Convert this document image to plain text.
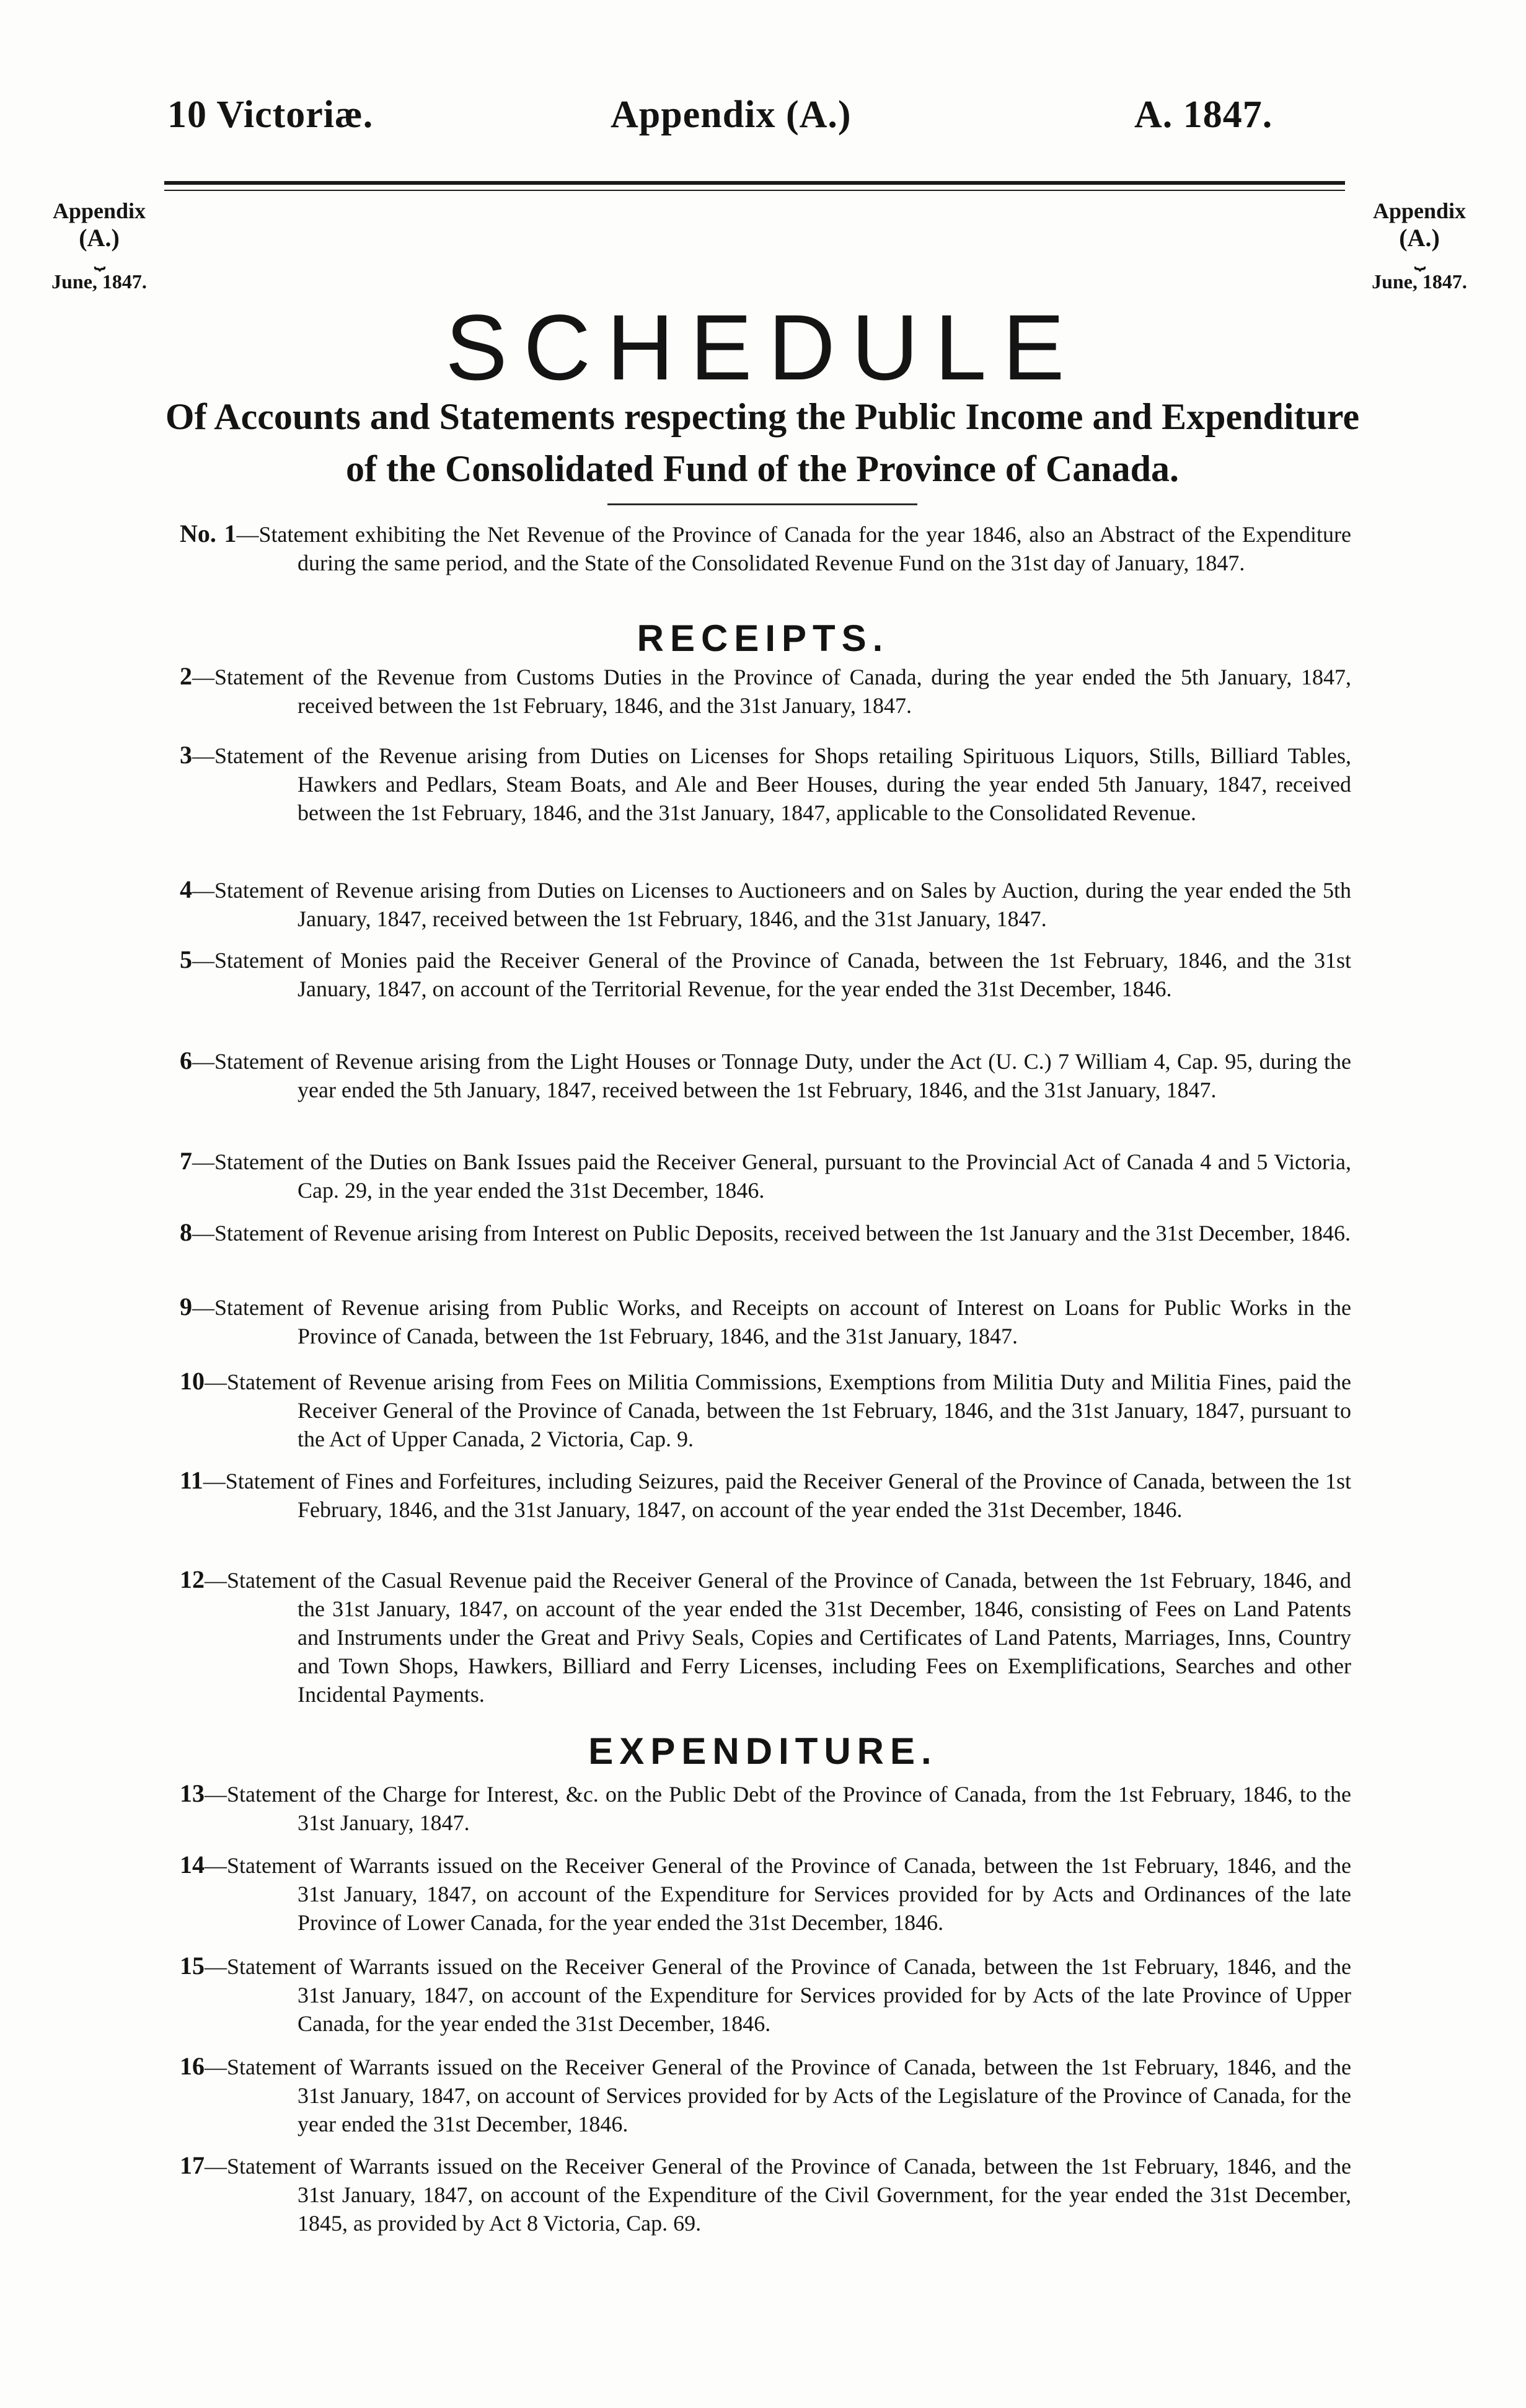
10 Victoriæ.	Appendix (A.)	A. 1847.
Appendix
(A.)
⏟
June, 1847.
Appendix
(A.)
⏟
June, 1847.
SCHEDULE
Of Accounts and Statements respecting the Public Income and Expenditure
of the Consolidated Fund of the Province of Canada.
No. 1—Statement exhibiting the Net Revenue of the Province of Canada for the year 1846, also an Abstract of the Expenditure during the same period, and the State of the Consolidated Revenue Fund on the 31st day of January, 1847.
RECEIPTS.
2—Statement of the Revenue from Customs Duties in the Province of Canada, during the year ended the 5th January, 1847, received between the 1st February, 1846, and the 31st January, 1847.
3—Statement of the Revenue arising from Duties on Licenses for Shops retailing Spirituous Liquors, Stills, Billiard Tables, Hawkers and Pedlars, Steam Boats, and Ale and Beer Houses, during the year ended 5th January, 1847, received between the 1st February, 1846, and the 31st January, 1847, applicable to the Consolidated Revenue.
4—Statement of Revenue arising from Duties on Licenses to Auctioneers and on Sales by Auction, during the year ended the 5th January, 1847, received between the 1st February, 1846, and the 31st January, 1847.
5—Statement of Monies paid the Receiver General of the Province of Canada, between the 1st February, 1846, and the 31st January, 1847, on account of the Territorial Revenue, for the year ended the 31st December, 1846.
6—Statement of Revenue arising from the Light Houses or Tonnage Duty, under the Act (U. C.) 7 William 4, Cap. 95, during the year ended the 5th January, 1847, received between the 1st February, 1846, and the 31st January, 1847.
7—Statement of the Duties on Bank Issues paid the Receiver General, pursuant to the Provincial Act of Canada 4 and 5 Victoria, Cap. 29, in the year ended the 31st December, 1846.
8—Statement of Revenue arising from Interest on Public Deposits, received between the 1st January and the 31st December, 1846.
9—Statement of Revenue arising from Public Works, and Receipts on account of Interest on Loans for Public Works in the Province of Canada, between the 1st February, 1846, and the 31st January, 1847.
10—Statement of Revenue arising from Fees on Militia Commissions, Exemptions from Militia Duty and Militia Fines, paid the Receiver General of the Province of Canada, between the 1st February, 1846, and the 31st January, 1847, pursuant to the Act of Upper Canada, 2 Victoria, Cap. 9.
11—Statement of Fines and Forfeitures, including Seizures, paid the Receiver General of the Province of Canada, between the 1st February, 1846, and the 31st January, 1847, on account of the year ended the 31st December, 1846.
12—Statement of the Casual Revenue paid the Receiver General of the Province of Canada, between the 1st February, 1846, and the 31st January, 1847, on account of the year ended the 31st December, 1846, consisting of Fees on Land Patents and Instruments under the Great and Privy Seals, Copies and Certificates of Land Patents, Marriages, Inns, Country and Town Shops, Hawkers, Billiard and Ferry Licenses, including Fees on Exemplifications, Searches and other Incidental Payments.
EXPENDITURE.
13—Statement of the Charge for Interest, &c. on the Public Debt of the Province of Canada, from the 1st February, 1846, to the 31st January, 1847.
14—Statement of Warrants issued on the Receiver General of the Province of Canada, between the 1st February, 1846, and the 31st January, 1847, on account of the Expenditure for Services provided for by Acts and Ordinances of the late Province of Lower Canada, for the year ended the 31st December, 1846.
15—Statement of Warrants issued on the Receiver General of the Province of Canada, between the 1st February, 1846, and the 31st January, 1847, on account of the Expenditure for Services provided for by Acts of the late Province of Upper Canada, for the year ended the 31st December, 1846.
16—Statement of Warrants issued on the Receiver General of the Province of Canada, between the 1st February, 1846, and the 31st January, 1847, on account of Services provided for by Acts of the Legislature of the Province of Canada, for the year ended the 31st December, 1846.
17—Statement of Warrants issued on the Receiver General of the Province of Canada, between the 1st February, 1846, and the 31st January, 1847, on account of the Expenditure of the Civil Government, for the year ended the 31st December, 1845, as provided by Act 8 Victoria, Cap. 69.
